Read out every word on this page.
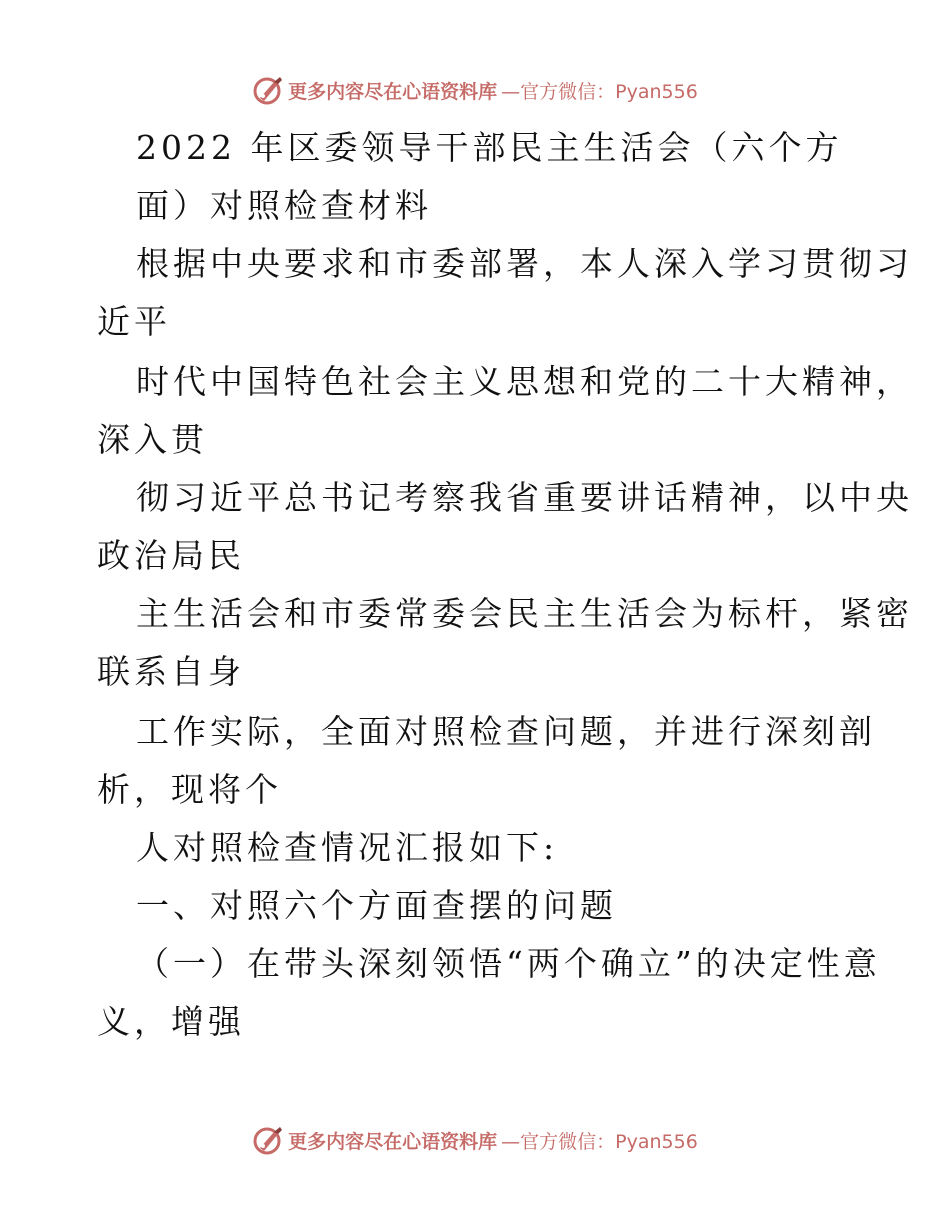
更多内容尽在心语资料库 —官方微信：Pyan556
2022 年区委领导干部民主生活会（六个方
面）对照检查材料
根据中央要求和市委部署，本人深入学习贯彻习
近平
时代中国特色社会主义思想和党的二十大精神，
深入贯
彻习近平总书记考察我省重要讲话精神，以中央
政治局民
主生活会和市委常委会民主生活会为标杆，紧密
联系自身
工作实际，全面对照检查问题，并进行深刻剖
析，现将个
人对照检查情况汇报如下:
一、对照六个方面查摆的问题
（一）在带头深刻领悟“两个确立”的决定性意
义，增强
更多内容尽在心语资料库 —官方微信：Pyan556
